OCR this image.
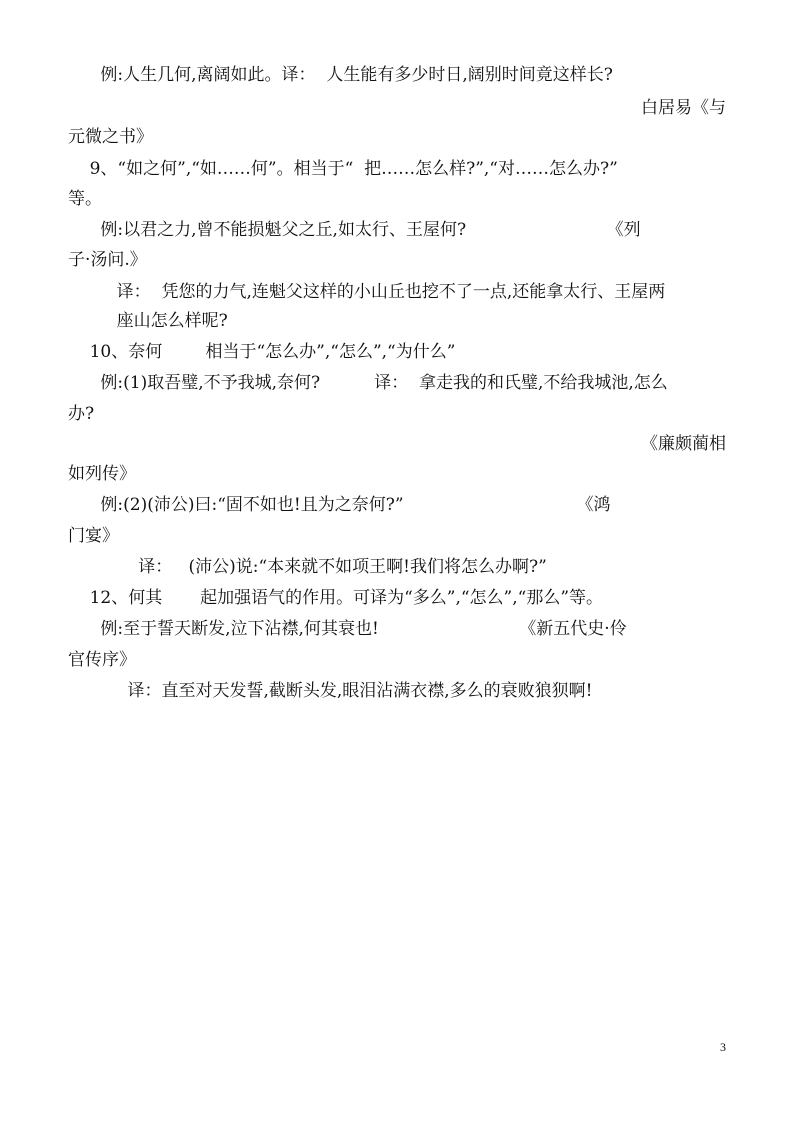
例:人生几何,离阔如此。译：  人生能有多少时日,阔别时间竟这样长?
白居易《与
元微之书》
9、“如之何”,“如……何”。相当于“  把……怎么样?”,“对……怎么办?”
等。
例:以君之力,曾不能损魁父之丘,如太行、王屋何?                          《列
子·汤问.》
译：  凭您的力气,连魁父这样的小山丘也挖不了一点,还能拿太行、王屋两
座山怎么样呢?
10、奈何        相当于“怎么办”,“怎么”,“为什么”
例:(1)取吾璧,不予我城,奈何?          译：  拿走我的和氏璧,不给我城池,怎么
办?
《廉颇蔺相
如列传》
例:(2)(沛公)曰:“固不如也!且为之奈何?”                                《鸿
门宴》
译：   (沛公)说:“本来就不如项王啊!我们将怎么办啊?”
12、何其       起加强语气的作用。可译为“多么”,“怎么”,“那么”等。
例:至于誓天断发,泣下沾襟,何其衰也!                          《新五代史·伶
官传序》
译：直至对天发誓,截断头发,眼泪沾满衣襟,多么的衰败狼狈啊!
3
